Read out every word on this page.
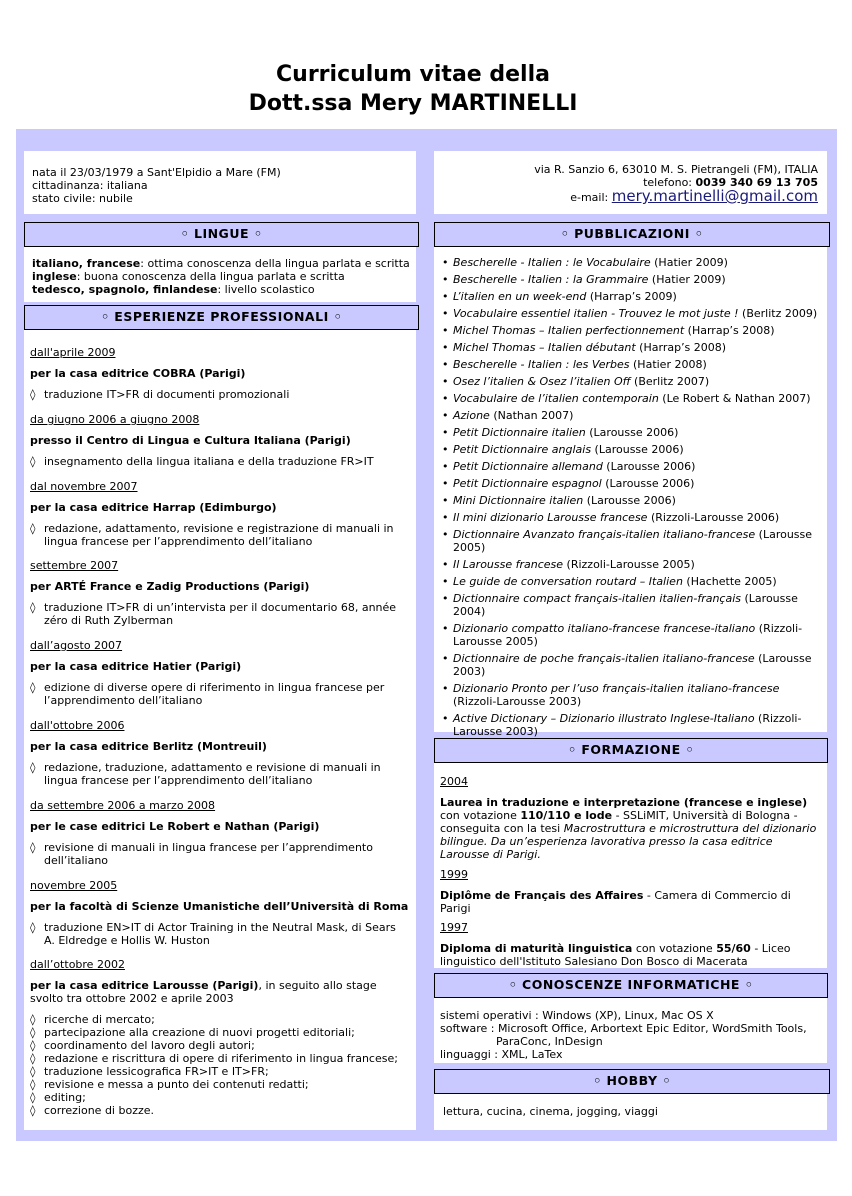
Curriculum vitae della
Dott.ssa Mery MARTINELLI
nata il 23/03/1979 a Sant'Elpidio a Mare (FM)
cittadinanza: italiana
stato civile: nubile
via R. Sanzio 6, 63010 M. S. Pietrangeli (FM), ITALIA
telefono: 0039 340 69 13 705
e-mail: mery.martinelli@gmail.com
◦ LINGUE ◦
italiano, francese: ottima conoscenza della lingua parlata e scritta
inglese: buona conoscenza della lingua parlata e scritta
tedesco, spagnolo, finlandese: livello scolastico
◦ ESPERIENZE PROFESSIONALI ◦
dall'aprile 2009
per la casa editrice COBRA (Parigi)
◊ traduzione IT>FR di documenti promozionali
da giugno 2006 a giugno 2008
presso il Centro di Lingua e Cultura Italiana (Parigi)
◊ insegnamento della lingua italiana e della traduzione FR>IT
dal novembre 2007
per la casa editrice Harrap (Edimburgo)
◊ redazione, adattamento, revisione e registrazione di manuali in lingua francese per l’apprendimento dell’italiano
settembre 2007
per ARTÉ France e Zadig Productions (Parigi)
◊ traduzione IT>FR di un’intervista per il documentario 68, année zéro di Ruth Zylberman
dall’agosto 2007
per la casa editrice Hatier (Parigi)
◊ edizione di diverse opere di riferimento in lingua francese per l’apprendimento dell’italiano
dall'ottobre 2006
per la casa editrice Berlitz (Montreuil)
◊ redazione, traduzione, adattamento e revisione di manuali in lingua francese per l’apprendimento dell’italiano
da settembre 2006 a marzo 2008
per le case editrici Le Robert e Nathan (Parigi)
◊ revisione di manuali in lingua francese per l’apprendimento dell’italiano
novembre 2005
per la facoltà di Scienze Umanistiche dell’Università di Roma
◊ traduzione EN>IT di Actor Training in the Neutral Mask, di Sears A. Eldredge e Hollis W. Huston
dall’ottobre 2002
per la casa editrice Larousse (Parigi), in seguito allo stage svolto tra ottobre 2002 e aprile 2003
◊ ricerche di mercato;
◊ partecipazione alla creazione di nuovi progetti editoriali;
◊ coordinamento del lavoro degli autori;
◊ redazione e riscrittura di opere di riferimento in lingua francese;
◊ traduzione lessicografica FR>IT e IT>FR;
◊ revisione e messa a punto dei contenuti redatti;
◊ editing;
◊ correzione di bozze.
◦ PUBBLICAZIONI ◦
• Bescherelle - Italien : le Vocabulaire (Hatier 2009)
• Bescherelle - Italien : la Grammaire (Hatier 2009)
• L’italien en un week-end (Harrap’s 2009)
• Vocabulaire essentiel italien - Trouvez le mot juste ! (Berlitz 2009)
• Michel Thomas – Italien perfectionnement (Harrap’s 2008)
• Michel Thomas – Italien débutant (Harrap’s 2008)
• Bescherelle - Italien : les Verbes (Hatier 2008)
• Osez l’italien & Osez l’italien Off (Berlitz 2007)
• Vocabulaire de l’italien contemporain (Le Robert & Nathan 2007)
• Azione (Nathan 2007)
• Petit Dictionnaire italien (Larousse 2006)
• Petit Dictionnaire anglais (Larousse 2006)
• Petit Dictionnaire allemand (Larousse 2006)
• Petit Dictionnaire espagnol (Larousse 2006)
• Mini Dictionnaire italien (Larousse 2006)
• Il mini dizionario Larousse francese (Rizzoli-Larousse 2006)
• Dictionnaire Avanzato français-italien italiano-francese (Larousse 2005)
• Il Larousse francese (Rizzoli-Larousse 2005)
• Le guide de conversation routard – Italien (Hachette 2005)
• Dictionnaire compact français-italien italien-français (Larousse 2004)
• Dizionario compatto italiano-francese francese-italiano (Rizzoli-Larousse 2005)
• Dictionnaire de poche français-italien italiano-francese (Larousse 2003)
• Dizionario Pronto per l’uso français-italien italiano-francese (Rizzoli-Larousse 2003)
• Active Dictionary – Dizionario illustrato Inglese-Italiano (Rizzoli-Larousse 2003)
◦ FORMAZIONE ◦
2004
Laurea in traduzione e interpretazione (francese e inglese)
con votazione 110/110 e lode - SSLiMIT, Università di Bologna - conseguita con la tesi Macrostruttura e microstruttura del dizionario bilingue. Da un’esperienza lavorativa presso la casa editrice Larousse di Parigi.
1999
Diplôme de Français des Affaires - Camera di Commercio di Parigi
1997
Diploma di maturità linguistica con votazione 55/60 - Liceo linguistico dell'Istituto Salesiano Don Bosco di Macerata
◦ CONOSCENZE INFORMATICHE ◦
sistemi operativi : Windows (XP), Linux, Mac OS X
software : Microsoft Office, Arbortext Epic Editor, WordSmith Tools,
ParaConc, InDesign
linguaggi : XML, LaTex
◦ HOBBY ◦
lettura, cucina, cinema, jogging, viaggi
